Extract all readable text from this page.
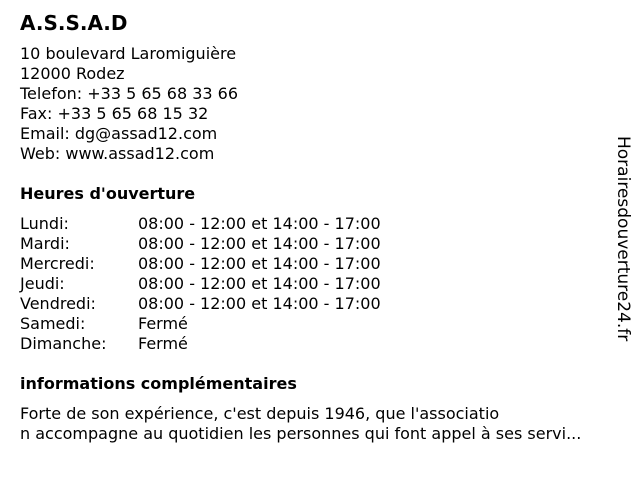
A.S.S.A.D
10 boulevard Laromiguière
12000 Rodez
Telefon: +33 5 65 68 33 66
Fax: +33 5 65 68 15 32
Email: dg@assad12.com
Web: www.assad12.com
Heures d'ouverture
Lundi:	08:00 - 12:00 et 14:00 - 17:00
Mardi:	08:00 - 12:00 et 14:00 - 17:00
Mercredi:	08:00 - 12:00 et 14:00 - 17:00
Jeudi:	08:00 - 12:00 et 14:00 - 17:00
Vendredi:	08:00 - 12:00 et 14:00 - 17:00
Samedi:	Fermé
Dimanche:	Fermé
informations complémentaires
Forte de son expérience, c'est depuis 1946, que l'associatio
n accompagne au quotidien les personnes qui font appel à ses servi...
Horairesdouverture24.fr
